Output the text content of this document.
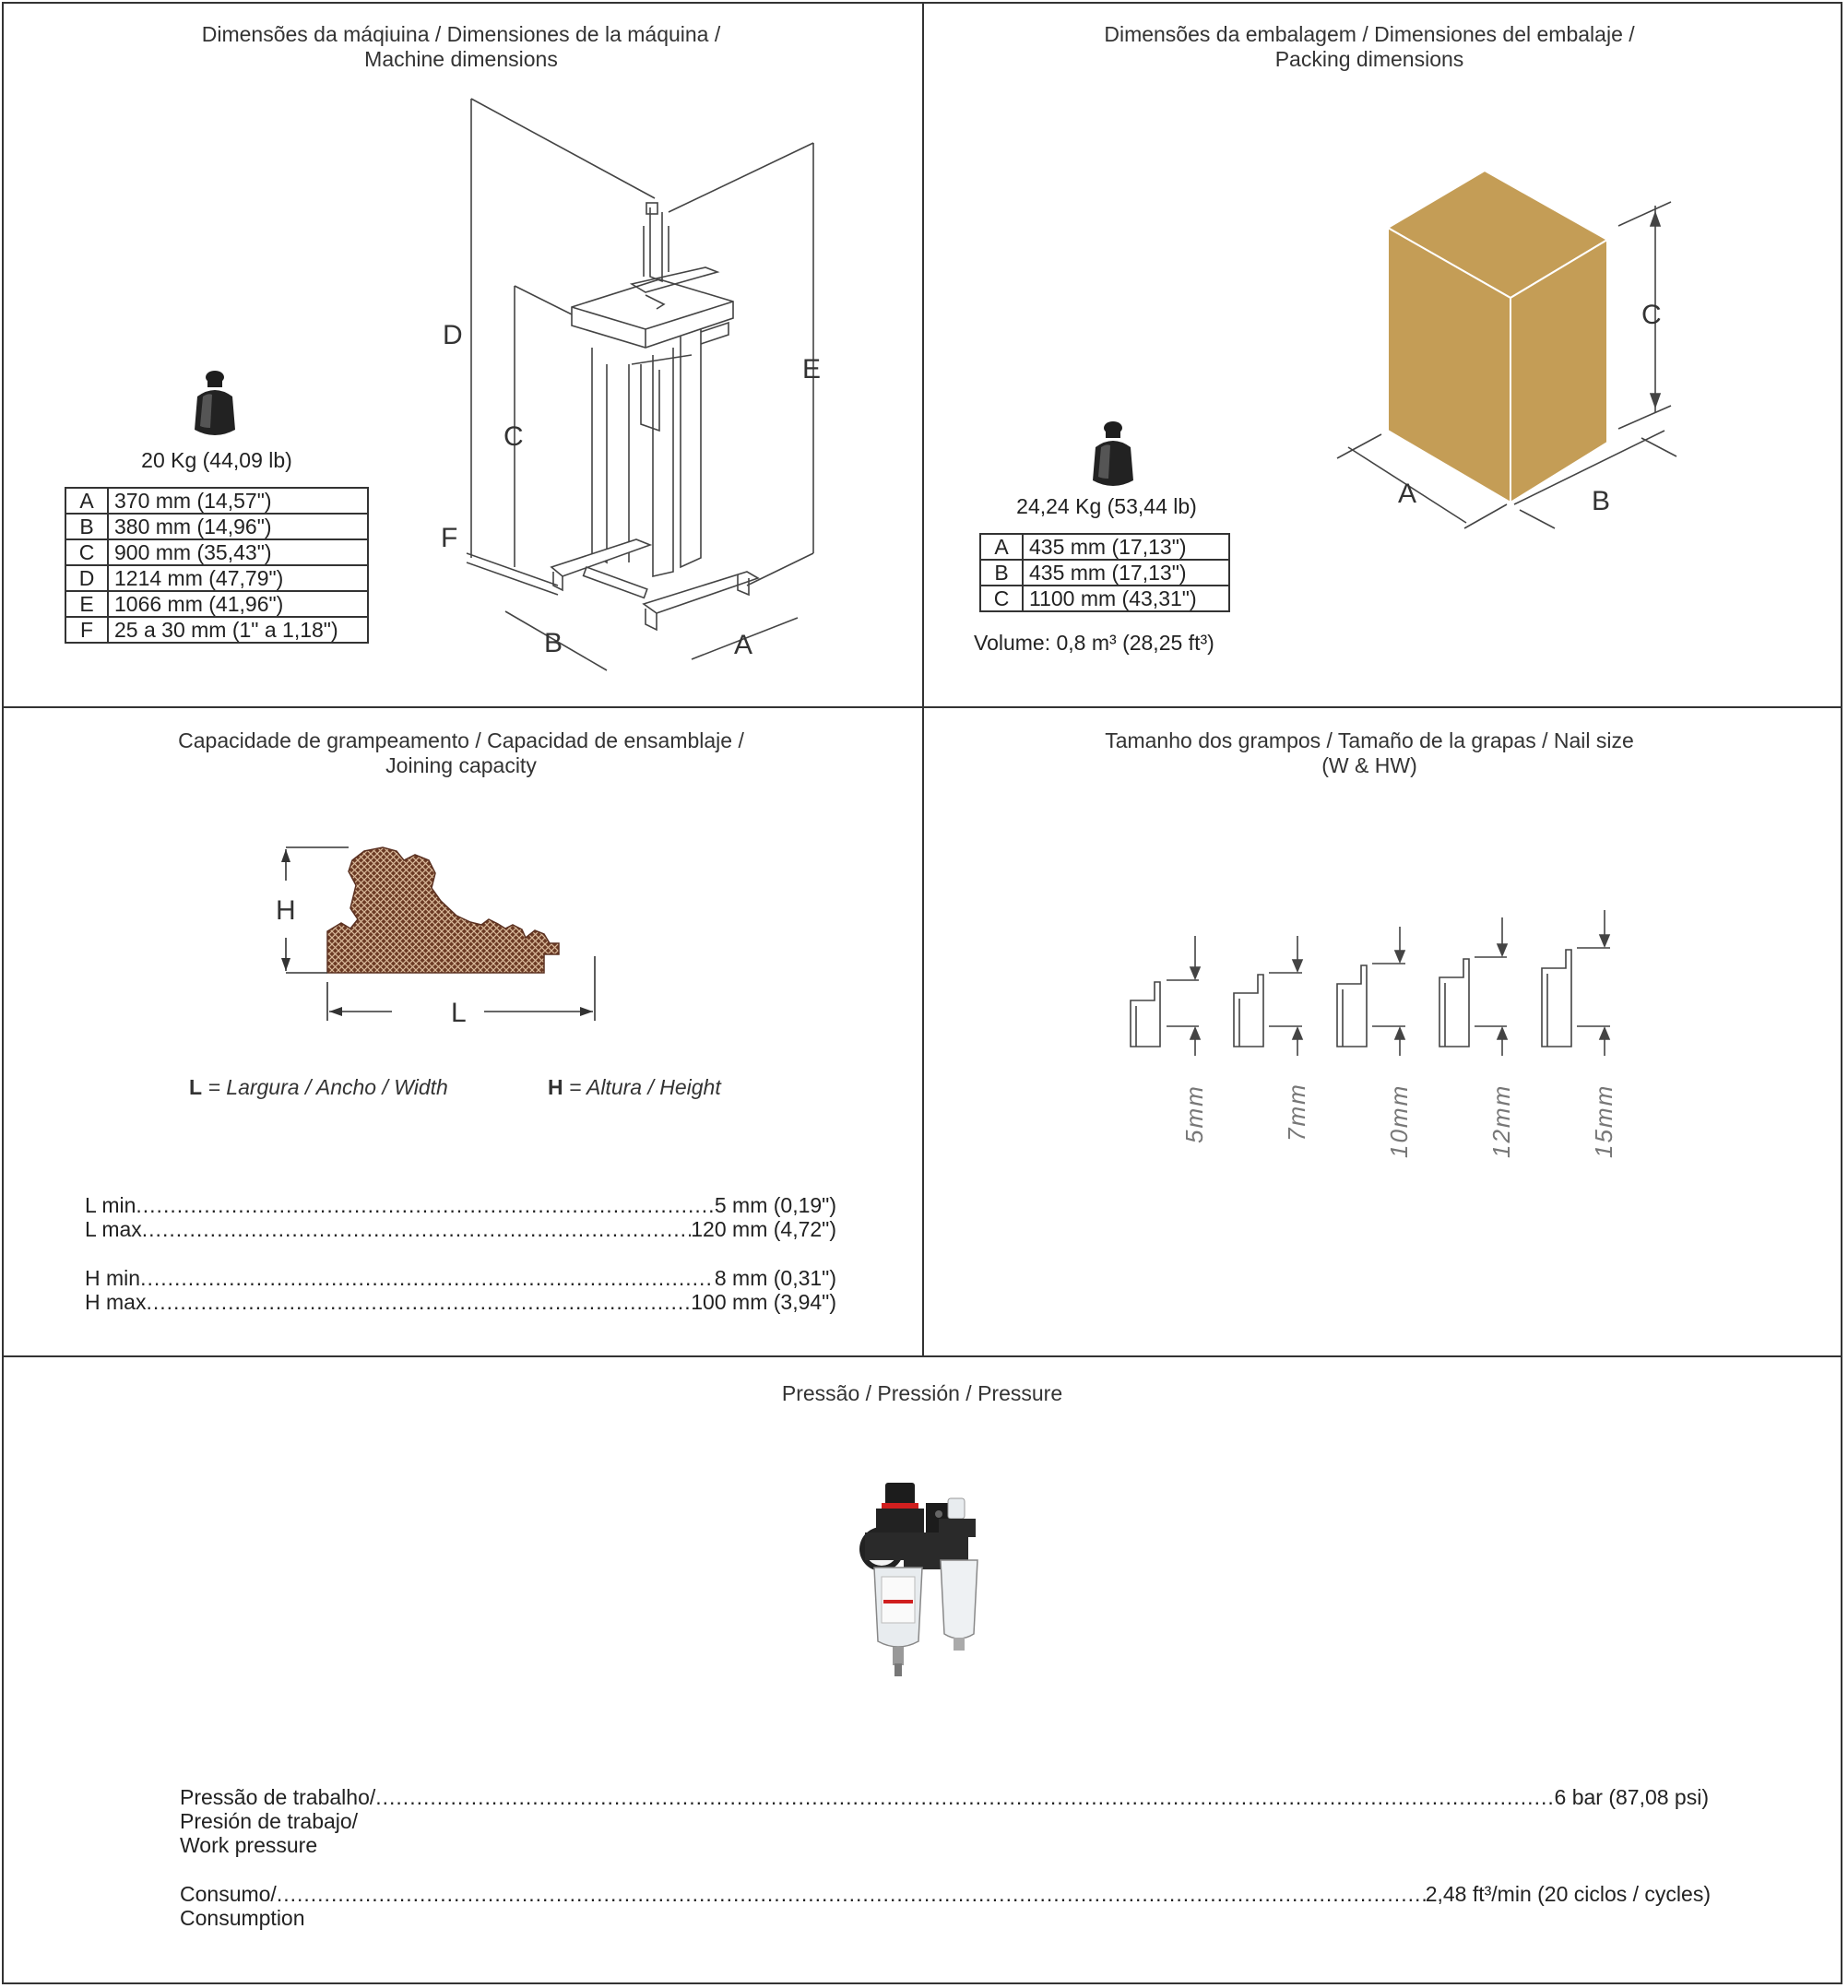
Dimensões da máqiuina / Dimensiones de la máquina /
Machine dimensions
20 Kg (44,09 lb)
A	370 mm (14,57")
B	380 mm (14,96")
C	900 mm (35,43")
D	1214 mm (47,79")
E	1066 mm (41,96")
F	25 a 30 mm (1" a 1,18")
D
C
E
F
B	A
Dimensões da embalagem / Dimensiones del embalaje /
Packing dimensions
24,24 Kg (53,44 lb)
A	435 mm (17,13")
B	435 mm (17,13")
C	1100 mm (43,31")
Volume: 0,8 m³ (28,25 ft³)
C
A	B
Capacidade de grampeamento / Capacidad de ensamblaje /
Joining capacity
H
L
L = Largura / Ancho / Width	H = Altura / Height
L min .....	5 mm (0,19")
L max .....	120 mm (4,72")
H min .....	8 mm (0,31")
H max .....	100 mm (3,94")
Tamanho dos grampos / Tamaño de la grapas / Nail size
(W & HW)
5mm	7mm	10mm	12mm	15mm
Pressão / Pressión / Pressure
Pressão de trabalho/ .....	6 bar (87,08 psi)
Presión de trabajo/
Work pressure
Consumo/ .....	2,48 ft³/min (20 ciclos / cycles)
Consumption
